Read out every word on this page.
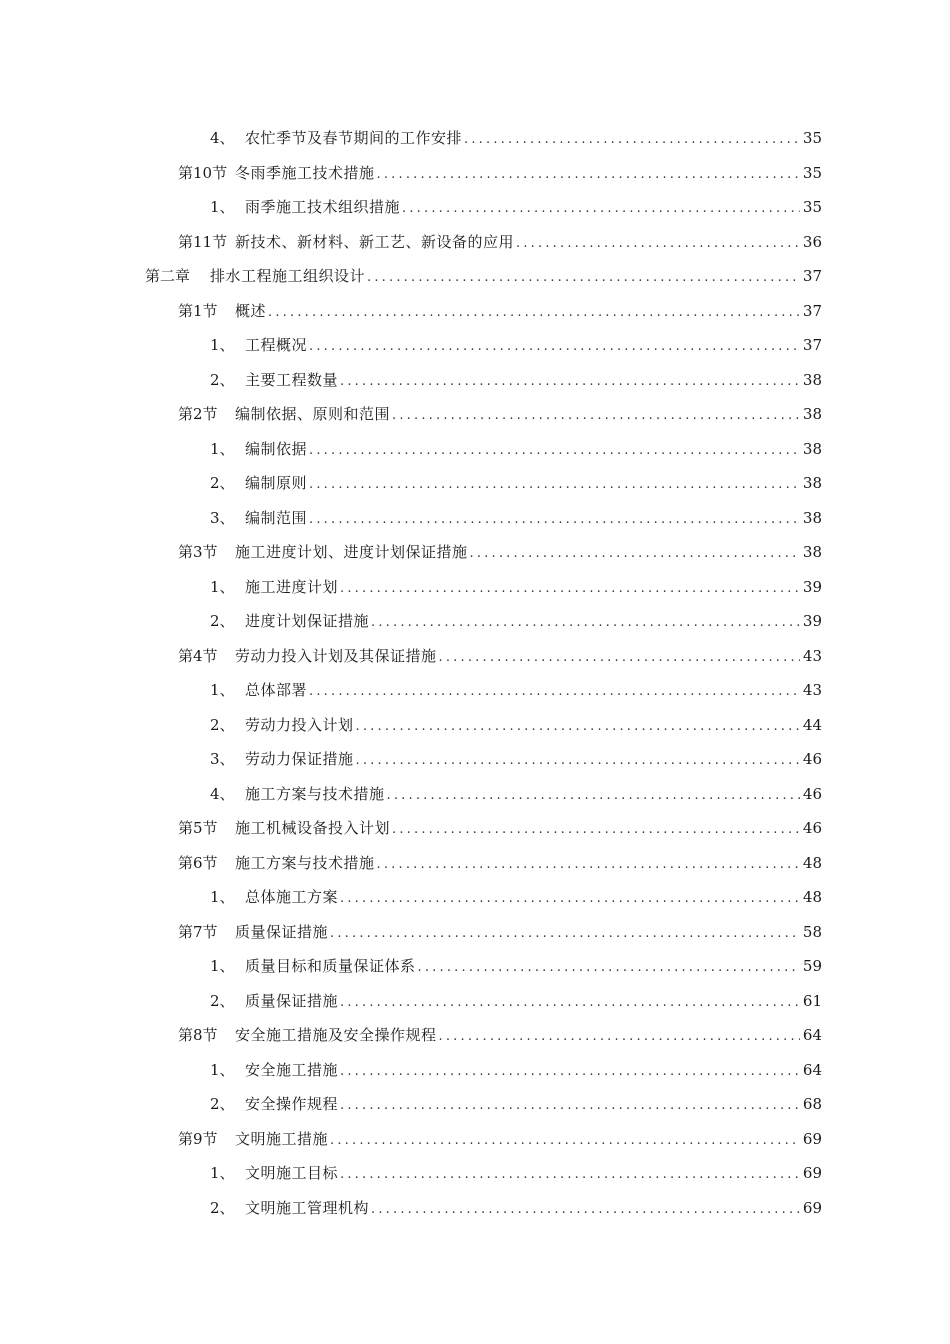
4、 农忙季节及春节期间的工作安排 .....	35
第10节 冬雨季施工技术措施 .....	35
1、 雨季施工技术组织措施 .....	35
第11节 新技术、新材料、新工艺、新设备的应用 .....	36
第二章	排水工程施工组织设计 .....	37
第1节	概述 .....	37
1、 工程概况 .....	37
2、 主要工程数量 .....	38
第2节	编制依据、原则和范围 .....	38
1、 编制依据 .....	38
2、 编制原则 .....	38
3、 编制范围 .....	38
第3节	施工进度计划、进度计划保证措施 .....	38
1、 施工进度计划 .....	39
2、 进度计划保证措施 .....	39
第4节	劳动力投入计划及其保证措施 .....	43
1、 总体部署 .....	43
2、 劳动力投入计划 .....	44
3、 劳动力保证措施 .....	46
4、 施工方案与技术措施 .....	46
第5节	施工机械设备投入计划 .....	46
第6节	施工方案与技术措施 .....	48
1、 总体施工方案 .....	48
第7节	质量保证措施 .....	58
1、 质量目标和质量保证体系 .....	59
2、 质量保证措施 .....	61
第8节	安全施工措施及安全操作规程 .....	64
1、 安全施工措施 .....	64
2、 安全操作规程 .....	68
第9节	文明施工措施 .....	69
1、 文明施工目标 .....	69
2、 文明施工管理机构 .....	69
